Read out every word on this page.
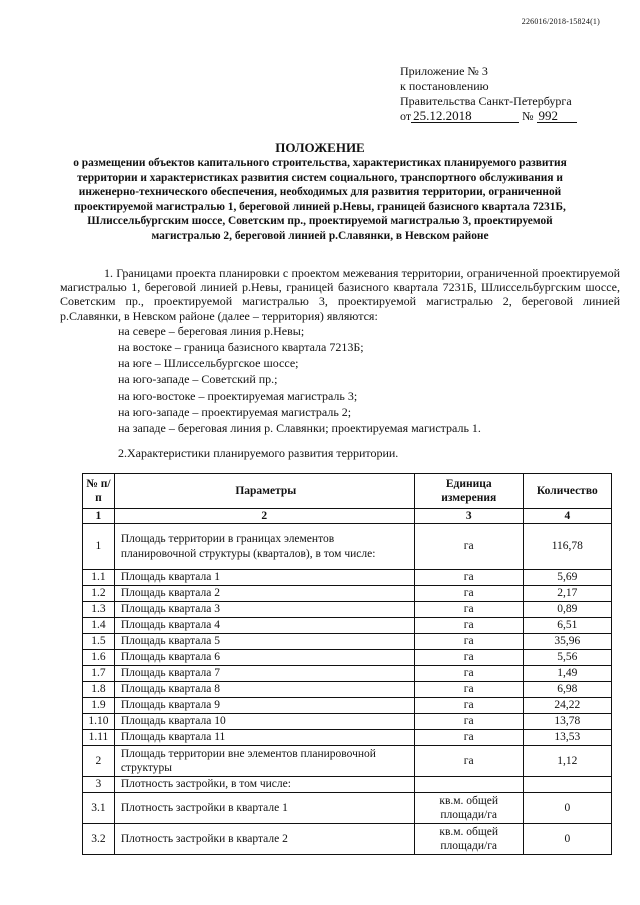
226016/2018-15824(1)
Приложение № 3
к постановлению
Правительства Санкт-Петербурга
от 25.12.2018	№ 992
ПОЛОЖЕНИЕ
о размещении объектов капитального строительства, характеристиках планируемого развития территории и характеристиках развития систем социального, транспортного обслуживания и инженерно-технического обеспечения, необходимых для развития территории, ограниченной проектируемой магистралью 1, береговой линией р.Невы, границей базисного квартала 7231Б, Шлиссельбургским шоссе, Советским пр., проектируемой магистралью 3, проектируемой магистралью 2, береговой линией р.Славянки, в Невском районе

1. Границами проекта планировки с проектом межевания территории, ограниченной проектируемой магистралью 1, береговой линией р.Невы, границей базисного квартала 7231Б, Шлиссельбургским шоссе, Советским пр., проектируемой магистралью 3, проектируемой магистралью 2, береговой линией р.Славянки, в Невском районе (далее – территория) являются:

на севере – береговая линия р.Невы;
на востоке – граница базисного квартала 7213Б;
на юге – Шлиссельбургское шоссе;
на юго-западе – Советский пр.;
на юго-востоке – проектируемая магистраль 3;
на юго-западе – проектируемая магистраль 2;
на западе – береговая линия р. Славянки; проектируемая магистраль 1.
2.Характеристики планируемого развития территории.
№ п/п	Параметры	Единица измерения	Количество
1	2	3	4
1	Площадь территории в границах элементов планировочной структуры (кварталов), в том числе:	га	116,78
1.1	Площадь квартала 1	га	5,69
1.2	Площадь квартала 2	га	2,17
1.3	Площадь квартала 3	га	0,89
1.4	Площадь квартала 4	га	6,51
1.5	Площадь квартала 5	га	35,96
1.6	Площадь квартала 6	га	5,56
1.7	Площадь квартала 7	га	1,49
1.8	Площадь квартала 8	га	6,98
1.9	Площадь квартала 9	га	24,22
1.10	Площадь квартала 10	га	13,78
1.11	Площадь квартала 11	га	13,53
2	Площадь территории вне элементов планировочной структуры	га	1,12
3	Плотность застройки, в том числе:		
3.1	Плотность застройки в квартале 1	кв.м. общей площади/га	0
3.2	Плотность застройки в квартале 2	кв.м. общей площади/га	0
